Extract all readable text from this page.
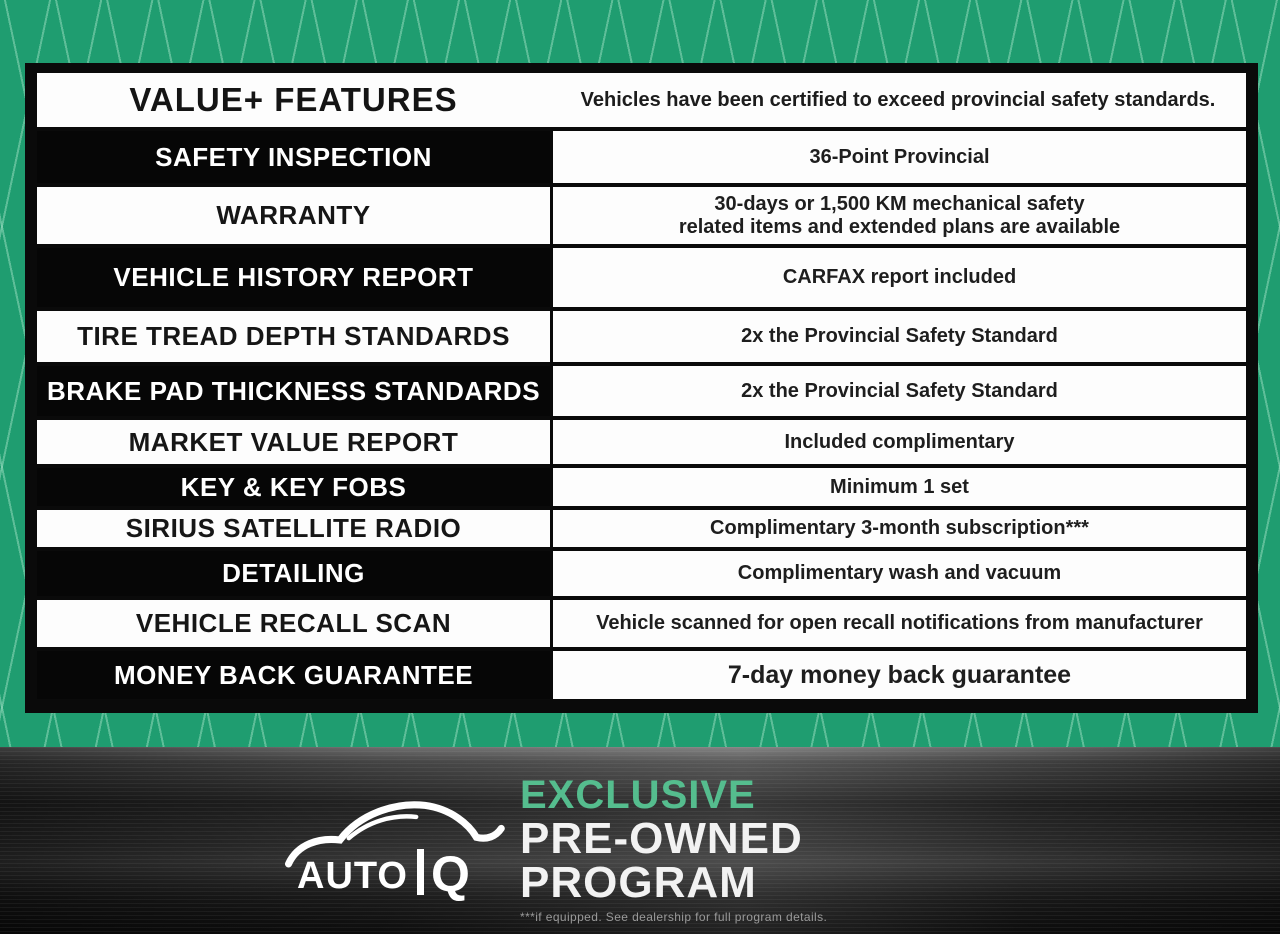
VALUE+ FEATURES	Vehicles have been certified to exceed provincial safety standards.
SAFETY INSPECTION	36-Point Provincial
WARRANTY	30-days or 1,500 KM mechanical safety
related items and extended plans are available
VEHICLE HISTORY REPORT	CARFAX report included
TIRE TREAD DEPTH STANDARDS	2x the Provincial Safety Standard
BRAKE PAD THICKNESS STANDARDS	2x the Provincial Safety Standard
MARKET VALUE REPORT	Included complimentary
KEY & KEY FOBS	Minimum 1 set
SIRIUS SATELLITE RADIO	Complimentary 3-month subscription***
DETAILING	Complimentary wash and vacuum
VEHICLE RECALL SCAN	Vehicle scanned for open recall notifications from manufacturer
MONEY BACK GUARANTEE	7-day money back guarantee
AUTO Q
EXCLUSIVE
PRE-OWNED
PROGRAM
***if equipped. See dealership for full program details.
